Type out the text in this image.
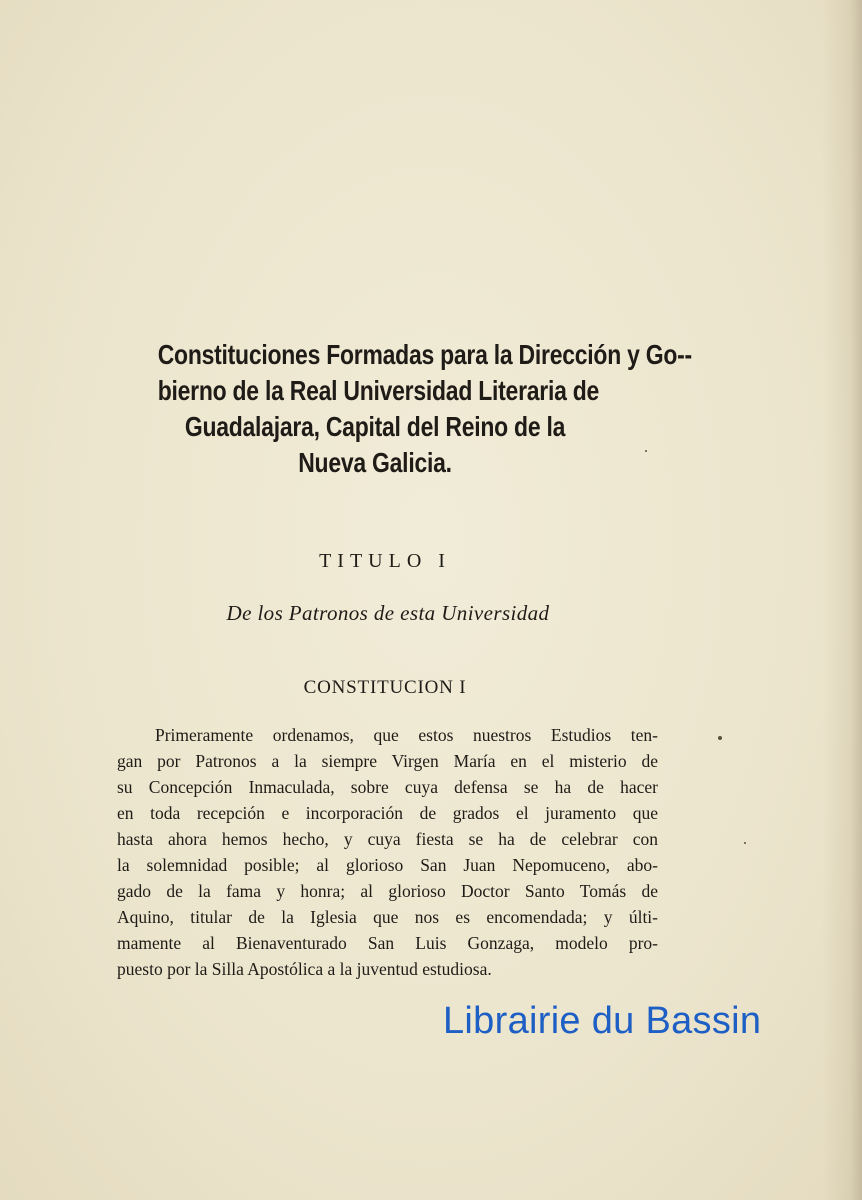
Constituciones Formadas para la Dirección y Go--
bierno de la Real Universidad Literaria de
Guadalajara, Capital del Reino de la
Nueva Galicia.
TITULO I
De los Patronos de esta Universidad
CONSTITUCION I
Primeramente ordenamos, que estos nuestros Estudios ten-
gan por Patronos a la siempre Virgen María en el misterio de
su Concepción Inmaculada, sobre cuya defensa se ha de hacer
en toda recepción e incorporación de grados el juramento que
hasta ahora hemos hecho, y cuya fiesta se ha de celebrar con
la solemnidad posible; al glorioso San Juan Nepomuceno, abo-
gado de la fama y honra; al glorioso Doctor Santo Tomás de
Aquino, titular de la Iglesia que nos es encomendada; y últi-
mamente al Bienaventurado San Luis Gonzaga, modelo pro-
puesto por la Silla Apostólica a la juventud estudiosa.
Librairie du Bassin
